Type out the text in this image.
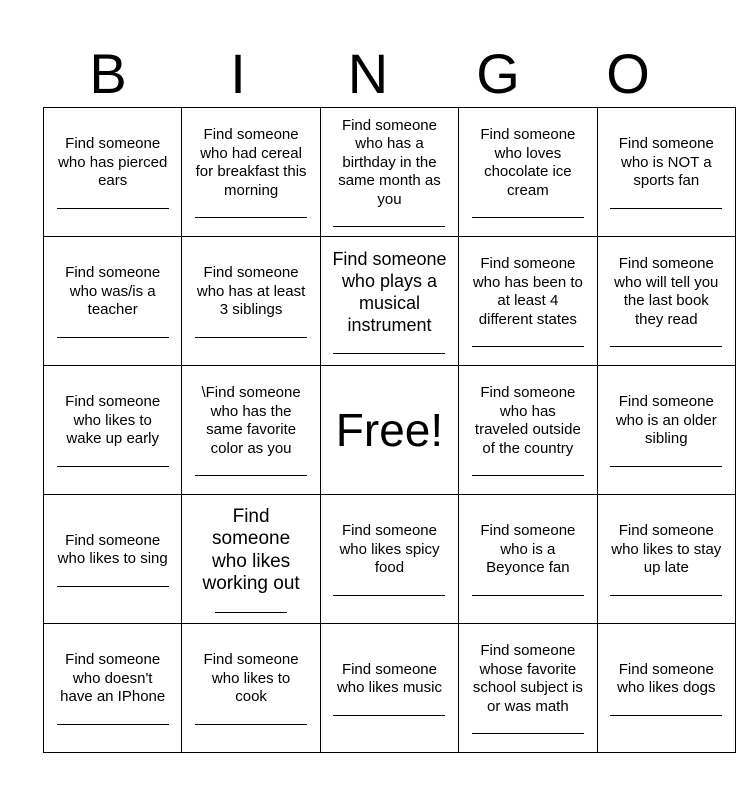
B	I	N	G	O
Find someone
who has pierced
ears	Find someone
who had cereal
for breakfast this
morning	Find someone
who has a
birthday in the
same month as
you	Find someone
who loves
chocolate ice
cream	Find someone
who is NOT a
sports fan

Find someone
who was/is a
teacher	Find someone
who has at least
3 siblings	Find someone
who plays a
musical
instrument	Find someone
who has been to
at least 4
different states	Find someone
who will tell you
the last book
they read

Find someone
who likes to
wake up early	\Find someone
who has the
same favorite
color as you	Free!	Find someone
who has
traveled outside
of the country	Find someone
who is an older
sibling

Find someone
who likes to sing	Find
someone
who likes
working out	Find someone
who likes spicy
food	Find someone
who is a
Beyonce fan	Find someone
who likes to stay
up late

Find someone
who doesn't
have an IPhone	Find someone
who likes to
cook	Find someone
who likes music	Find someone
whose favorite
school subject is
or was math	Find someone
who likes dogs
